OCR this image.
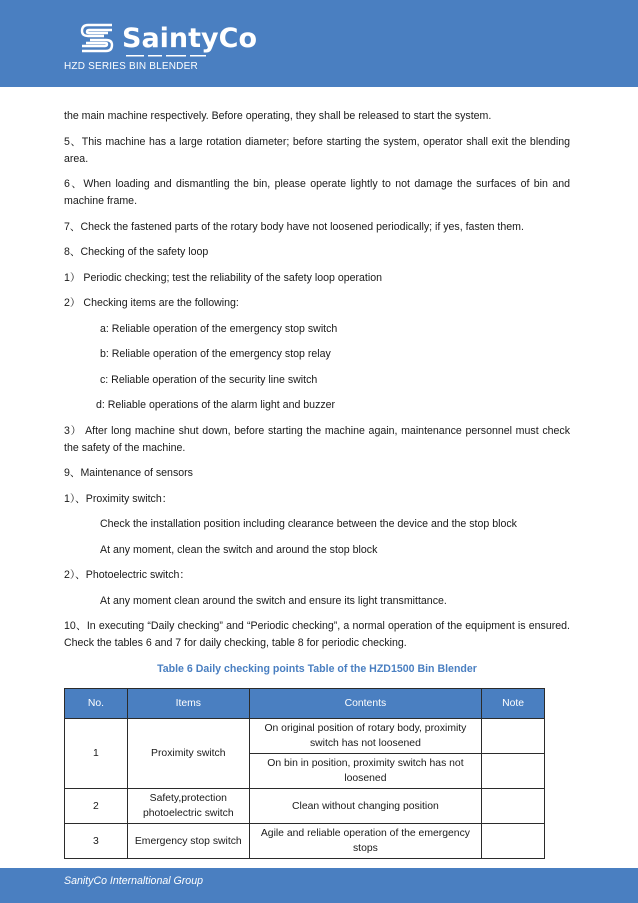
SaintyCo
HZD SERIES BIN BLENDER

the main machine respectively. Before operating, they shall be released to start the system.

5、This machine has a large rotation diameter; before starting the system, operator shall exit the blending area.

6、When loading and dismantling the bin, please operate lightly to not damage the surfaces of bin and machine frame.

7、Check the fastened parts of the rotary body have not loosened periodically; if yes, fasten them.

8、Checking of the safety loop

1） Periodic checking; test the reliability of the safety loop operation

2） Checking items are the following:

a: Reliable operation of the emergency stop switch

b: Reliable operation of the emergency stop relay

c: Reliable operation of the security line switch

d: Reliable operations of the alarm light and buzzer

3） After long machine shut down, before starting the machine again, maintenance personnel must check the safety of the machine.

9、Maintenance of sensors

1）、Proximity switch：

Check the installation position including clearance between the device and the stop block

At any moment, clean the switch and around the stop block

2）、Photoelectric switch：

At any moment clean around the switch and ensure its light transmittance.

10、In executing “Daily checking” and “Periodic checking”, a normal operation of the equipment is ensured. Check the tables 6 and 7 for daily checking, table 8 for periodic checking.

Table 6 Daily checking points Table of the HZD1500 Bin Blender

No.	Items	Contents	Note
1	Proximity switch	On original position of rotary body, proximity switch has not loosened	
		On bin in position, proximity switch has not loosened	
2	Safety,protection photoelectric switch	Clean without changing position	
3	Emergency stop switch	Agile and reliable operation of the emergency stops	
SanityCo Internaltional Group
